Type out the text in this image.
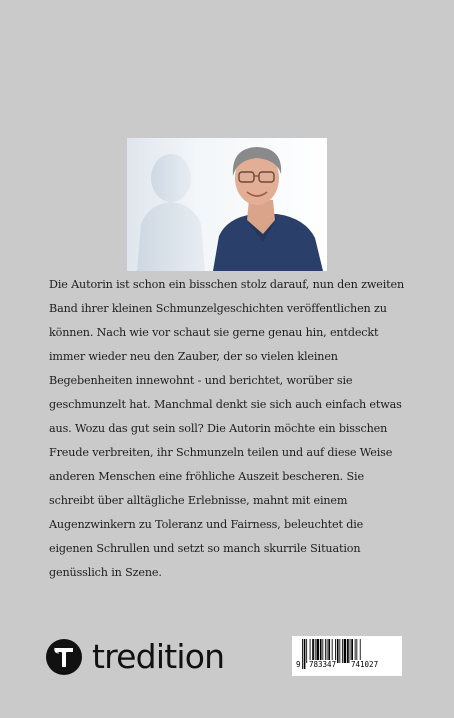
Die Autorin ist schon ein bisschen stolz darauf, nun den zweiten
Band ihrer kleinen Schmunzelgeschichten veröffentlichen zu
können. Nach wie vor schaut sie gerne genau hin, entdeckt
immer wieder neu den Zauber, der so vielen kleinen
Begebenheiten innewohnt - und berichtet, worüber sie
geschmunzelt hat. Manchmal denkt sie sich auch einfach etwas
aus. Wozu das gut sein soll? Die Autorin möchte ein bisschen
Freude verbreiten, ihr Schmunzeln teilen und auf diese Weise
anderen Menschen eine fröhliche Auszeit bescheren. Sie
schreibt über alltägliche Erlebnisse, mahnt mit einem
Augenzwinkern zu Toleranz und Fairness, beleuchtet die
eigenen Schrullen und setzt so manch skurrile Situation
genüsslich in Szene.

tredition	9 783347 741027
